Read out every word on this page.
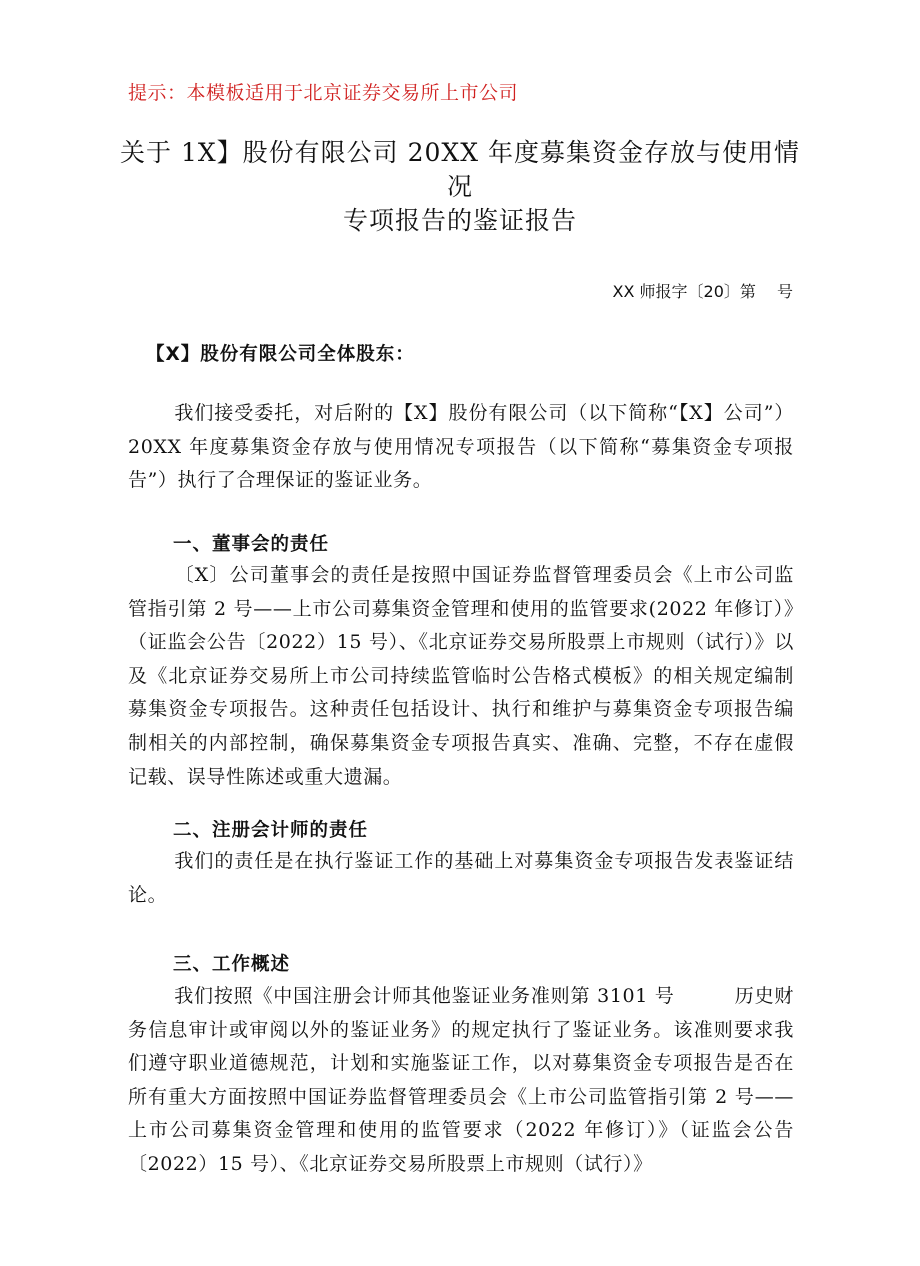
提示：本模板适用于北京证券交易所上市公司
关于 1X】股份有限公司 20XX 年度募集资金存放与使用情
况
专项报告的鉴证报告
XX 师报字〔20〕第　 号
【X】股份有限公司全体股东：
我们接受委托，对后附的【X】股份有限公司（以下简称“【X】公司”）20XX 年度募集资金存放与使用情况专项报告（以下简称“募集资金专项报告”）执行了合理保证的鉴证业务。
一、董事会的责任
〔X〕公司董事会的责任是按照中国证券监督管理委员会《上市公司监管指引第 2 号——上市公司募集资金管理和使用的监管要求(2022 年修订）》（证监会公告〔2022）15 号）、《北京证券交易所股票上市规则（试行）》以及《北京证券交易所上市公司持续监管临时公告格式模板》的相关规定编制募集资金专项报告。这种责任包括设计、执行和维护与募集资金专项报告编制相关的内部控制，确保募集资金专项报告真实、准确、完整，不存在虚假记载、误导性陈述或重大遗漏。
二、注册会计师的责任
我们的责任是在执行鉴证工作的基础上对募集资金专项报告发表鉴证结论。
三、工作概述
我们按照《中国注册会计师其他鉴证业务准则第 3101 号	历史财务信息审计或审阅以外的鉴证业务》的规定执行了鉴证业务。该准则要求我们遵守职业道德规范，计划和实施鉴证工作，以对募集资金专项报告是否在所有重大方面按照中国证券监督管理委员会《上市公司监管指引第 2 号——上市公司募集资金管理和使用的监管要求（2022 年修订）》（证监会公告〔2022）15 号）、《北京证券交易所股票上市规则（试行）》
